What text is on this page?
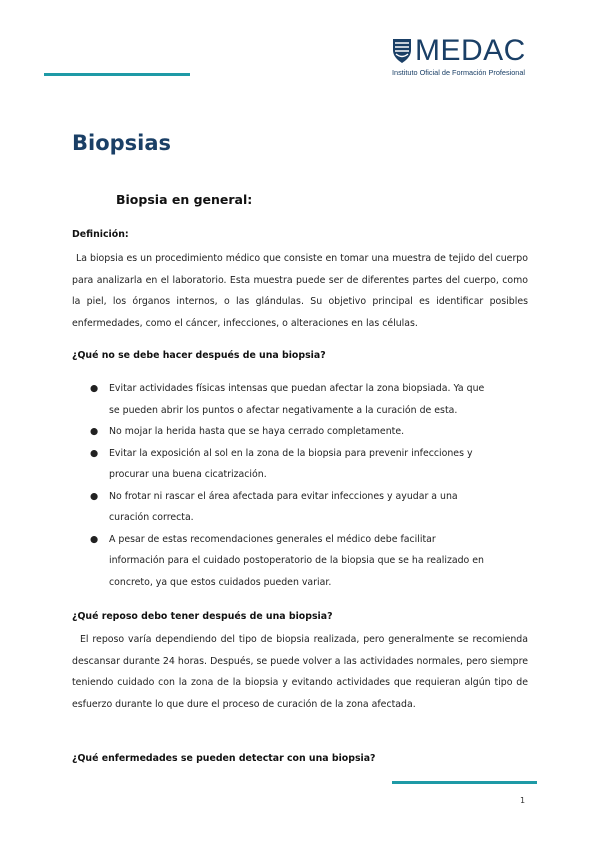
MEDAC
Instituto Oficial de Formación Profesional
Biopsias
Biopsia en general:

Definición:

La biopsia es un procedimiento médico que consiste en tomar una muestra de tejido del cuerpo para analizarla en el laboratorio. Esta muestra puede ser de diferentes partes del cuerpo, como la piel, los órganos internos, o las glándulas. Su objetivo principal es identificar posibles enfermedades, como el cáncer, infecciones, o alteraciones en las células.

¿Qué no se debe hacer después de una biopsia?

● Evitar actividades físicas intensas que puedan afectar la zona biopsiada. Ya que se pueden abrir los puntos o afectar negativamente a la curación de esta.
● No mojar la herida hasta que se haya cerrado completamente.
● Evitar la exposición al sol en la zona de la biopsia para prevenir infecciones y procurar una buena cicatrización.
● No frotar ni rascar el área afectada para evitar infecciones y ayudar a una curación correcta.
● A pesar de estas recomendaciones generales el médico debe facilitar información para el cuidado postoperatorio de la biopsia que se ha realizado en concreto, ya que estos cuidados pueden variar.

¿Qué reposo debo tener después de una biopsia?

El reposo varía dependiendo del tipo de biopsia realizada, pero generalmente se recomienda descansar durante 24 horas. Después, se puede volver a las actividades normales, pero siempre teniendo cuidado con la zona de la biopsia y evitando actividades que requieran algún tipo de esfuerzo durante lo que dure el proceso de curación de la zona afectada.

¿Qué enfermedades se pueden detectar con una biopsia?

1
